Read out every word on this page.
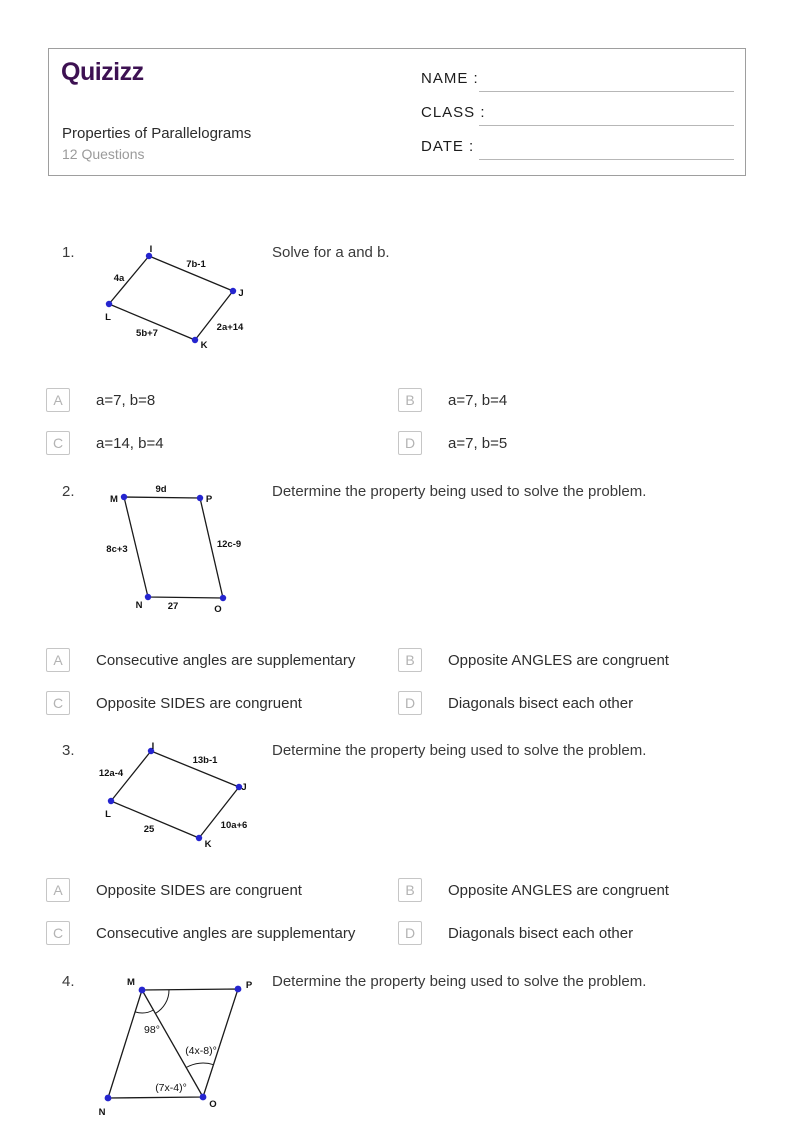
Quizizz
Properties of Parallelograms
12 Questions
NAME :
CLASS :
DATE :
1.	Solve for a and b.
I
J
K
L
4a
7b-1
5b+7
2a+14
A	a=7, b=8	B	a=7, b=4
C	a=14, b=4	D	a=7, b=5
2.	Determine the property being used to solve the problem.
M	P
N	O
9d
8c+3	12c-9
27
A	Consecutive angles are supplementary	B	Opposite ANGLES are congruent
C	Opposite SIDES are congruent	D	Diagonals bisect each other
3.	Determine the property being used to solve the problem.
I
J
K
L
12a-4
13b-1
25	10a+6
A	Opposite SIDES are congruent	B	Opposite ANGLES are congruent
C	Consecutive angles are supplementary	D	Diagonals bisect each other
4.	Determine the property being used to solve the problem.
M	P
N
O
98°
(4x-8)°
(7x-4)°
